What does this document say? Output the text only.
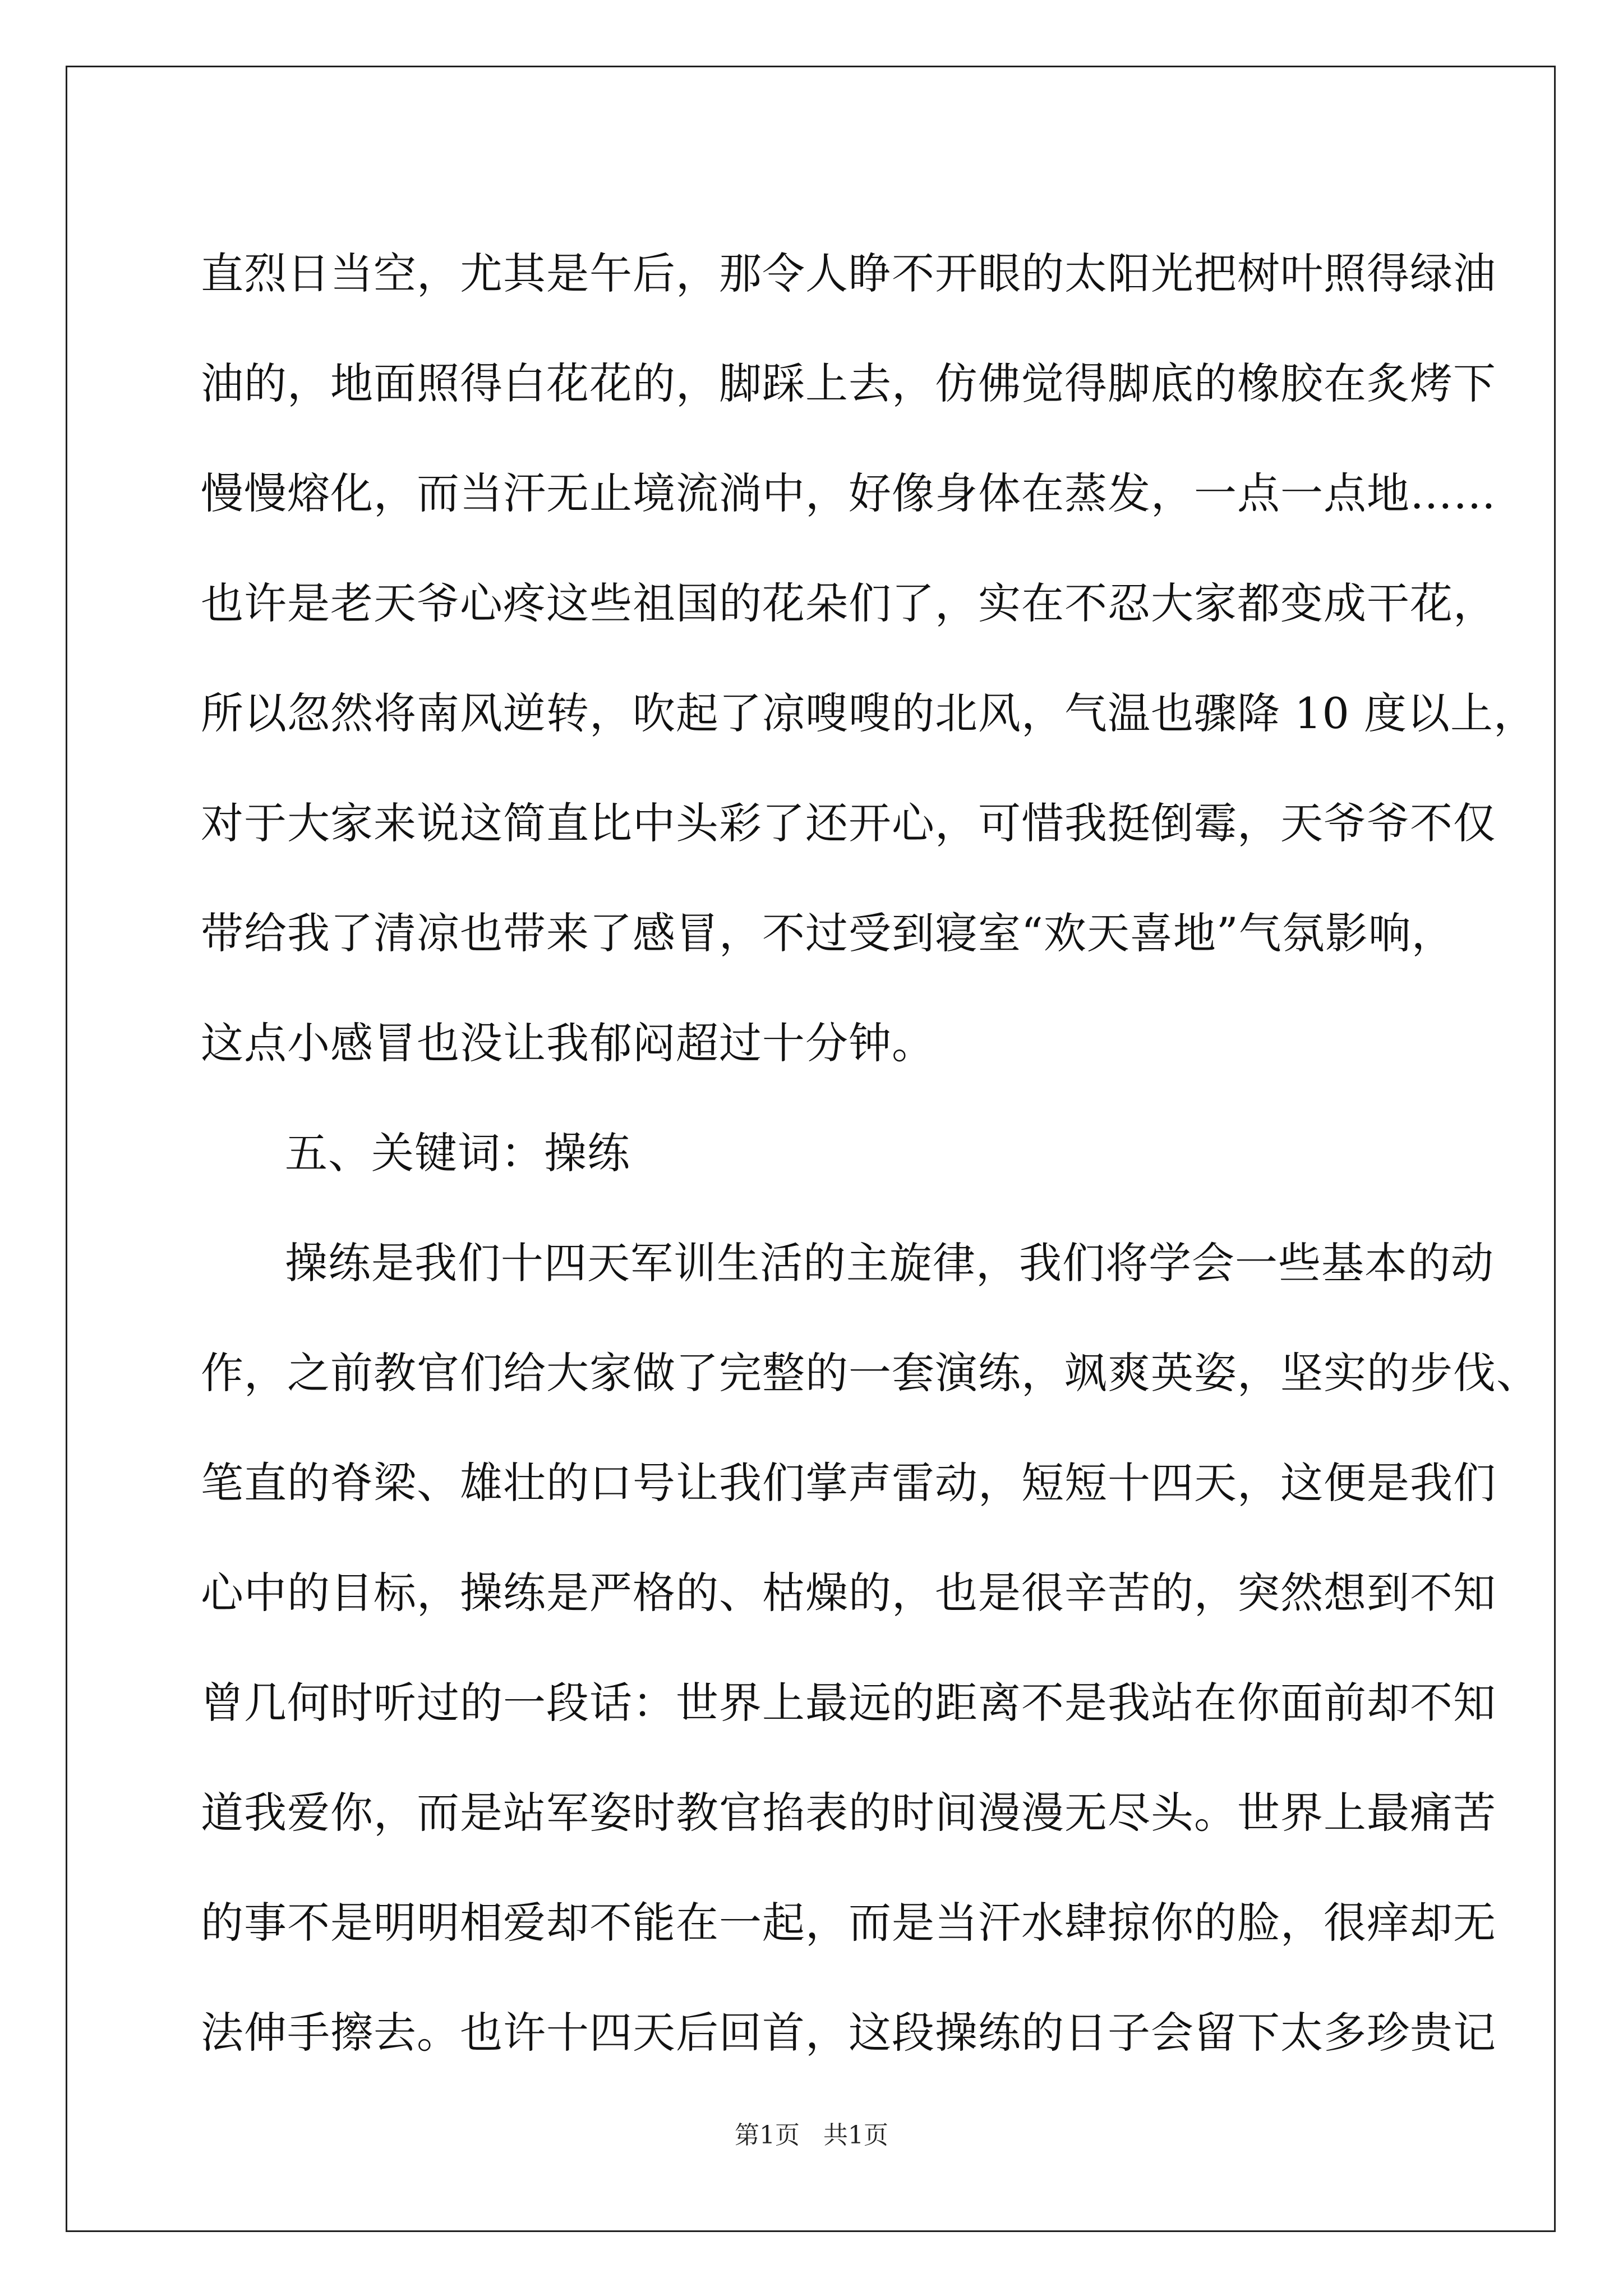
直烈日当空，尤其是午后，那令人睁不开眼的太阳光把树叶照得绿油
油的，地面照得白花花的，脚踩上去，仿佛觉得脚底的橡胶在炙烤下
慢慢熔化，而当汗无止境流淌中，好像身体在蒸发，一点一点地……
也许是老天爷心疼这些祖国的花朵们了，实在不忍大家都变成干花，
所以忽然将南风逆转，吹起了凉嗖嗖的北风，气温也骤降 10 度以上，
对于大家来说这简直比中头彩了还开心，可惜我挺倒霉，天爷爷不仅
带给我了清凉也带来了感冒，不过受到寝室“欢天喜地”气氛影响，
这点小感冒也没让我郁闷超过十分钟。
五、关键词：操练
操练是我们十四天军训生活的主旋律，我们将学会一些基本的动
作，之前教官们给大家做了完整的一套演练，飒爽英姿，坚实的步伐、
笔直的脊梁、雄壮的口号让我们掌声雷动，短短十四天，这便是我们
心中的目标，操练是严格的、枯燥的，也是很辛苦的，突然想到不知
曾几何时听过的一段话：世界上最远的距离不是我站在你面前却不知
道我爱你，而是站军姿时教官掐表的时间漫漫无尽头。世界上最痛苦
的事不是明明相爱却不能在一起，而是当汗水肆掠你的脸，很痒却无
法伸手擦去。也许十四天后回首，这段操练的日子会留下太多珍贵记
第1页   共1页
